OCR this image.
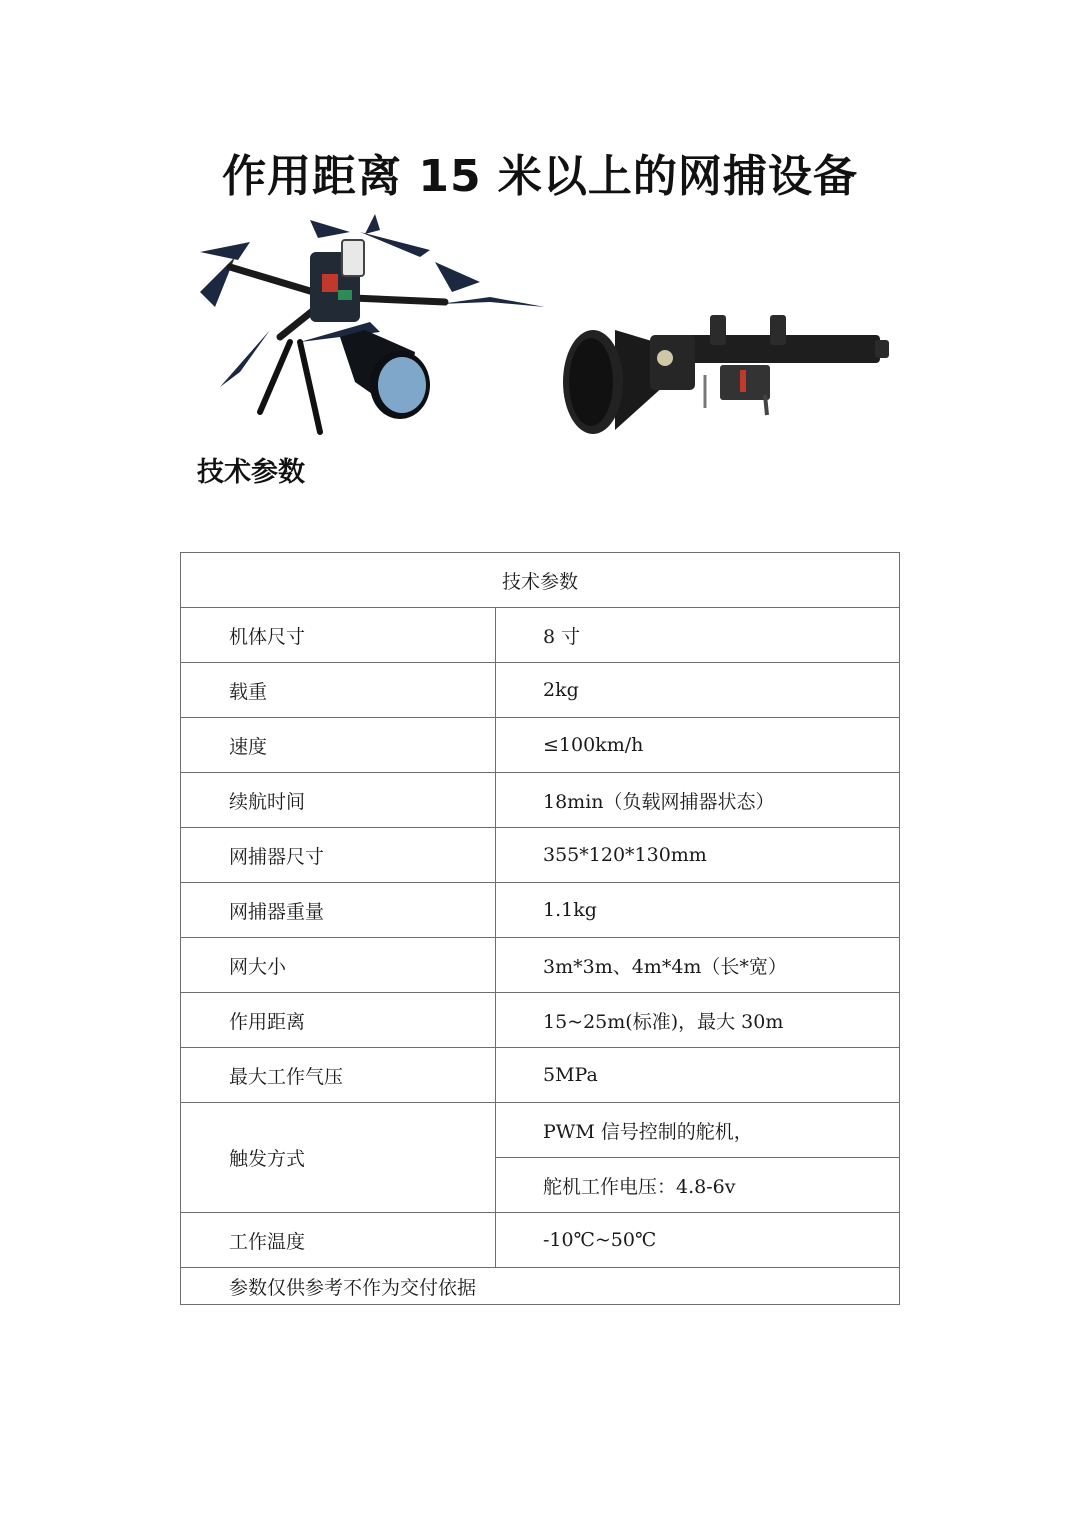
作用距离 15 米以上的网捕设备
技术参数
技术参数	
机体尺寸	8 寸
载重	2kg
速度	≤100km/h
续航时间	18min（负载网捕器状态）
网捕器尺寸	355*120*130mm
网捕器重量	1.1kg
网大小	3m*3m、4m*4m（长*宽）
作用距离	15~25m(标准)，最大 30m
最大工作气压	5MPa
触发方式	PWM 信号控制的舵机，
	舵机工作电压：4.8-6v
工作温度	-10℃~50℃
参数仅供参考不作为交付依据	
